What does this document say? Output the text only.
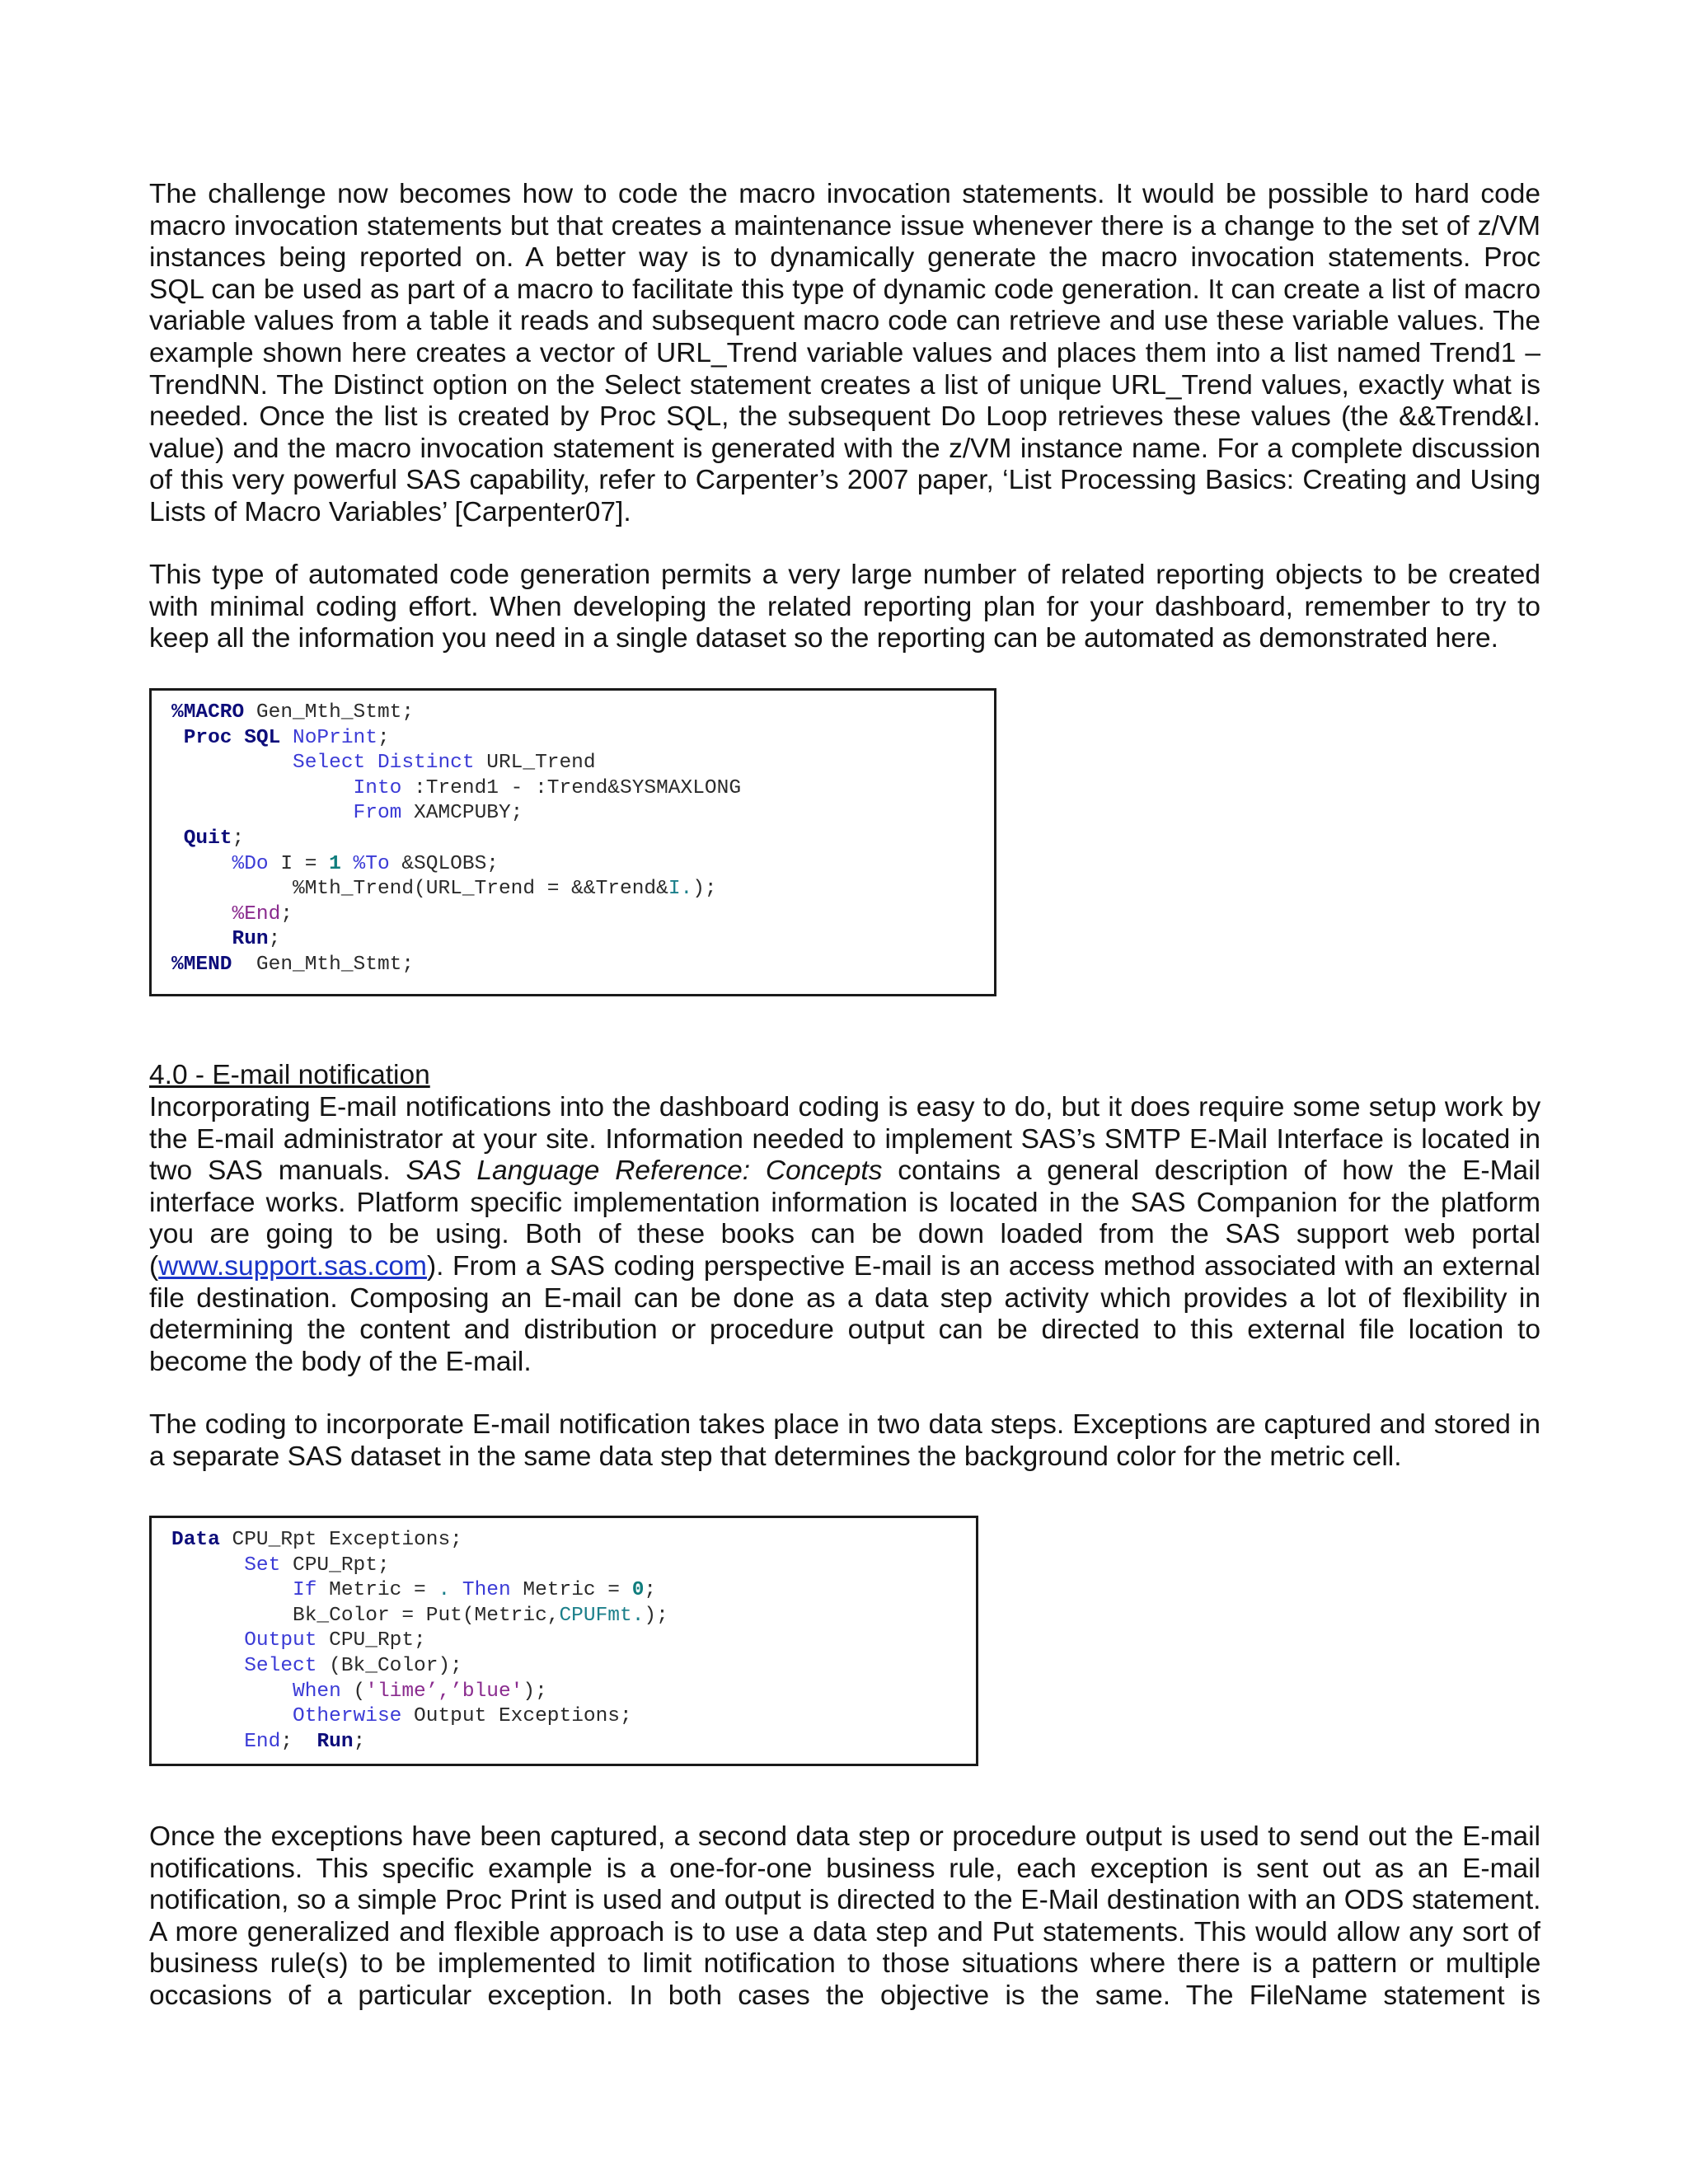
The challenge now becomes how to code the macro invocation statements. It would be possible to hard code
macro invocation statements but that creates a maintenance issue whenever there is a change to the set of z/VM
instances being reported on. A better way is to dynamically generate the macro invocation statements. Proc
SQL can be used as part of a macro to facilitate this type of dynamic code generation. It can create a list of macro
variable values from a table it reads and subsequent macro code can retrieve and use these variable values. The
example shown here creates a vector of URL_Trend variable values and places them into a list named Trend1 –
TrendNN. The Distinct option on the Select statement creates a list of unique URL_Trend values, exactly what is
needed. Once the list is created by Proc SQL, the subsequent Do Loop retrieves these values (the &&Trend&I.
value) and the macro invocation statement is generated with the z/VM instance name. For a complete discussion
of this very powerful SAS capability, refer to Carpenter’s 2007 paper, ‘List Processing Basics: Creating and Using
Lists of Macro Variables’ [Carpenter07].
This type of automated code generation permits a very large number of related reporting objects to be created
with minimal coding effort. When developing the related reporting plan for your dashboard, remember to try to
keep all the information you need in a single dataset so the reporting can be automated as demonstrated here.
%MACRO Gen_Mth_Stmt;
Proc SQL NoPrint;
Select Distinct URL_Trend
Into :Trend1 - :Trend&SYSMAXLONG
From XAMCPUBY;
Quit;
%Do I = 1 %To &SQLOBS;
%Mth_Trend(URL_Trend = &&Trend&I.);
%End;
Run;
%MEND  Gen_Mth_Stmt;
4.0 - E-mail notification
Incorporating E-mail notifications into the dashboard coding is easy to do, but it does require some setup work by
the E-mail administrator at your site. Information needed to implement SAS’s SMTP E-Mail Interface is located in
two SAS manuals. SAS Language Reference: Concepts contains a general description of how the E-Mail
interface works. Platform specific implementation information is located in the SAS Companion for the platform
you are going to be using. Both of these books can be down loaded from the SAS support web portal
(www.support.sas.com). From a SAS coding perspective E-mail is an access method associated with an external
file destination. Composing an E-mail can be done as a data step activity which provides a lot of flexibility in
determining the content and distribution or procedure output can be directed to this external file location to
become the body of the E-mail.
The coding to incorporate E-mail notification takes place in two data steps. Exceptions are captured and stored in
a separate SAS dataset in the same data step that determines the background color for the metric cell.
Data CPU_Rpt Exceptions;
Set CPU_Rpt;
If Metric = . Then Metric = 0;
Bk_Color = Put(Metric,CPUFmt.);
Output CPU_Rpt;
Select (Bk_Color);
When ('lime’,’blue');
Otherwise Output Exceptions;
End;  Run;
Once the exceptions have been captured, a second data step or procedure output is used to send out the E-mail
notifications. This specific example is a one-for-one business rule, each exception is sent out as an E-mail
notification, so a simple Proc Print is used and output is directed to the E-Mail destination with an ODS statement.
A more generalized and flexible approach is to use a data step and Put statements. This would allow any sort of
business rule(s) to be implemented to limit notification to those situations where there is a pattern or multiple
occasions of a particular exception. In both cases the objective is the same. The FileName statement is
